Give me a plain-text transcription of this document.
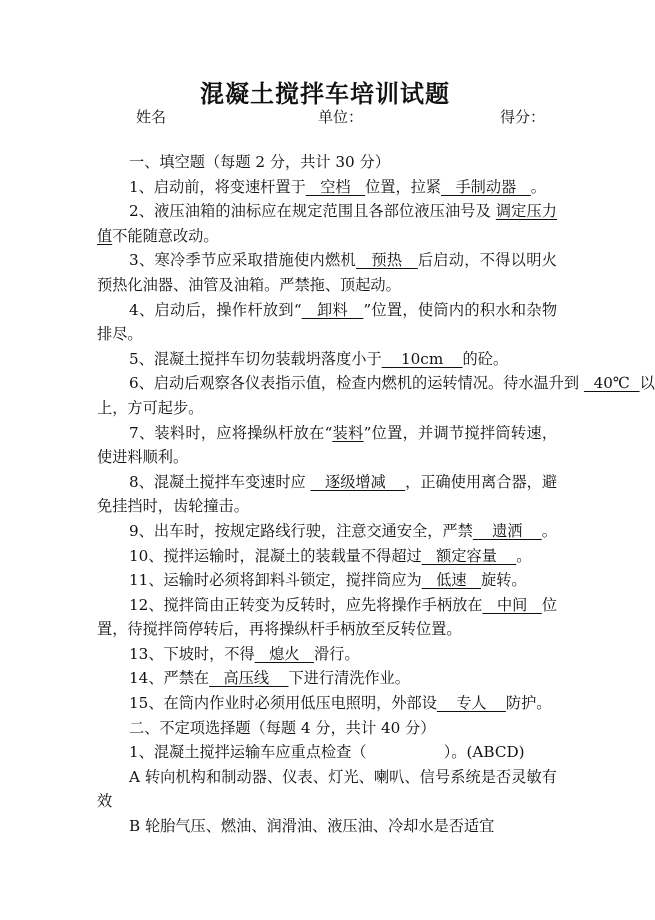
混凝土搅拌车培训试题
姓名	单位：	得分：

一、填空题（每题 2 分，共计 30 分）

1、启动前，将变速杆置于   空档   位置，拉紧   手制动器   。

2、液压油箱的油标应在规定范围且各部位液压油号及 调定压力值不能随意改动。

3、寒冷季节应采取措施使内燃机   预热   后启动，不得以明火预热化油器、油管及油箱。严禁拖、顶起动。

4、启动后，操作杆放到“   卸料   ”位置，使筒内的积水和杂物排尽。

5、混凝土搅拌车切勿装载坍落度小于    10cm    的砼。

6、启动后观察各仪表指示值，检查内燃机的运转情况。待水温升到   40℃  以上，方可起步。

7、装料时，应将操纵杆放在“装料”位置，并调节搅拌筒转速，使进料顺利。

8、混凝土搅拌车变速时应    逐级增减    ，正确使用离合器，避免挂挡时，齿轮撞击。

9、出车时，按规定路线行驶，注意交通安全，严禁    遗洒    。

10、搅拌运输时，混凝土的装载量不得超过   额定容量    。

11、运输时必须将卸料斗锁定，搅拌筒应为   低速   旋转。

12、搅拌筒由正转变为反转时，应先将操作手柄放在   中间   位置，待搅拌筒停转后，再将操纵杆手柄放至反转位置。

13、下坡时，不得   熄火   滑行。

14、严禁在   高压线    下进行清洗作业。

15、在筒内作业时必须用低压电照明，外部设    专人    防护。

二、不定项选择题（每题 4 分，共计 40 分）

1、混凝土搅拌运输车应重点检查（                ）。(ABCD)

A 转向机构和制动器、仪表、灯光、喇叭、信号系统是否灵敏有效

B 轮胎气压、燃油、润滑油、液压油、冷却水是否适宜
